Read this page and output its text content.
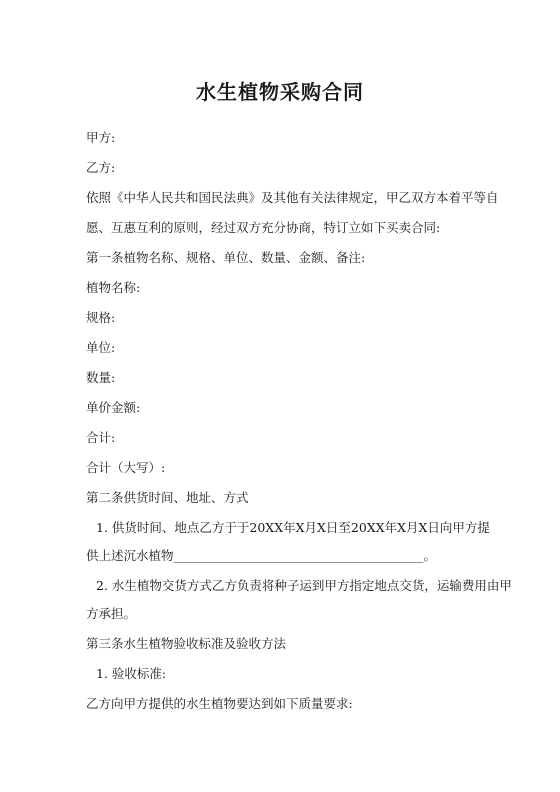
水生植物采购合同
甲方:
乙方:
依照《中华人民共和国民法典》及其他有关法律规定，甲乙双方本着平等自
愿、互惠互利的原则，经过双方充分协商，特订立如下买卖合同:
第一条植物名称、规格、单位、数量、金额、备注:
植物名称:
规格:
单位:
数量:
单价金额:
合计:
合计（大写）:
第二条供货时间、地址、方式
1. 供货时间、地点乙方于于20XX年X月X日至20XX年X月X日向甲方提
供上述沉水植物________________________________________。
2. 水生植物交货方式乙方负责将种子运到甲方指定地点交货，运输费用由甲
方承担。
第三条水生植物验收标准及验收方法
1. 验收标准:
乙方向甲方提供的水生植物要达到如下质量要求:
